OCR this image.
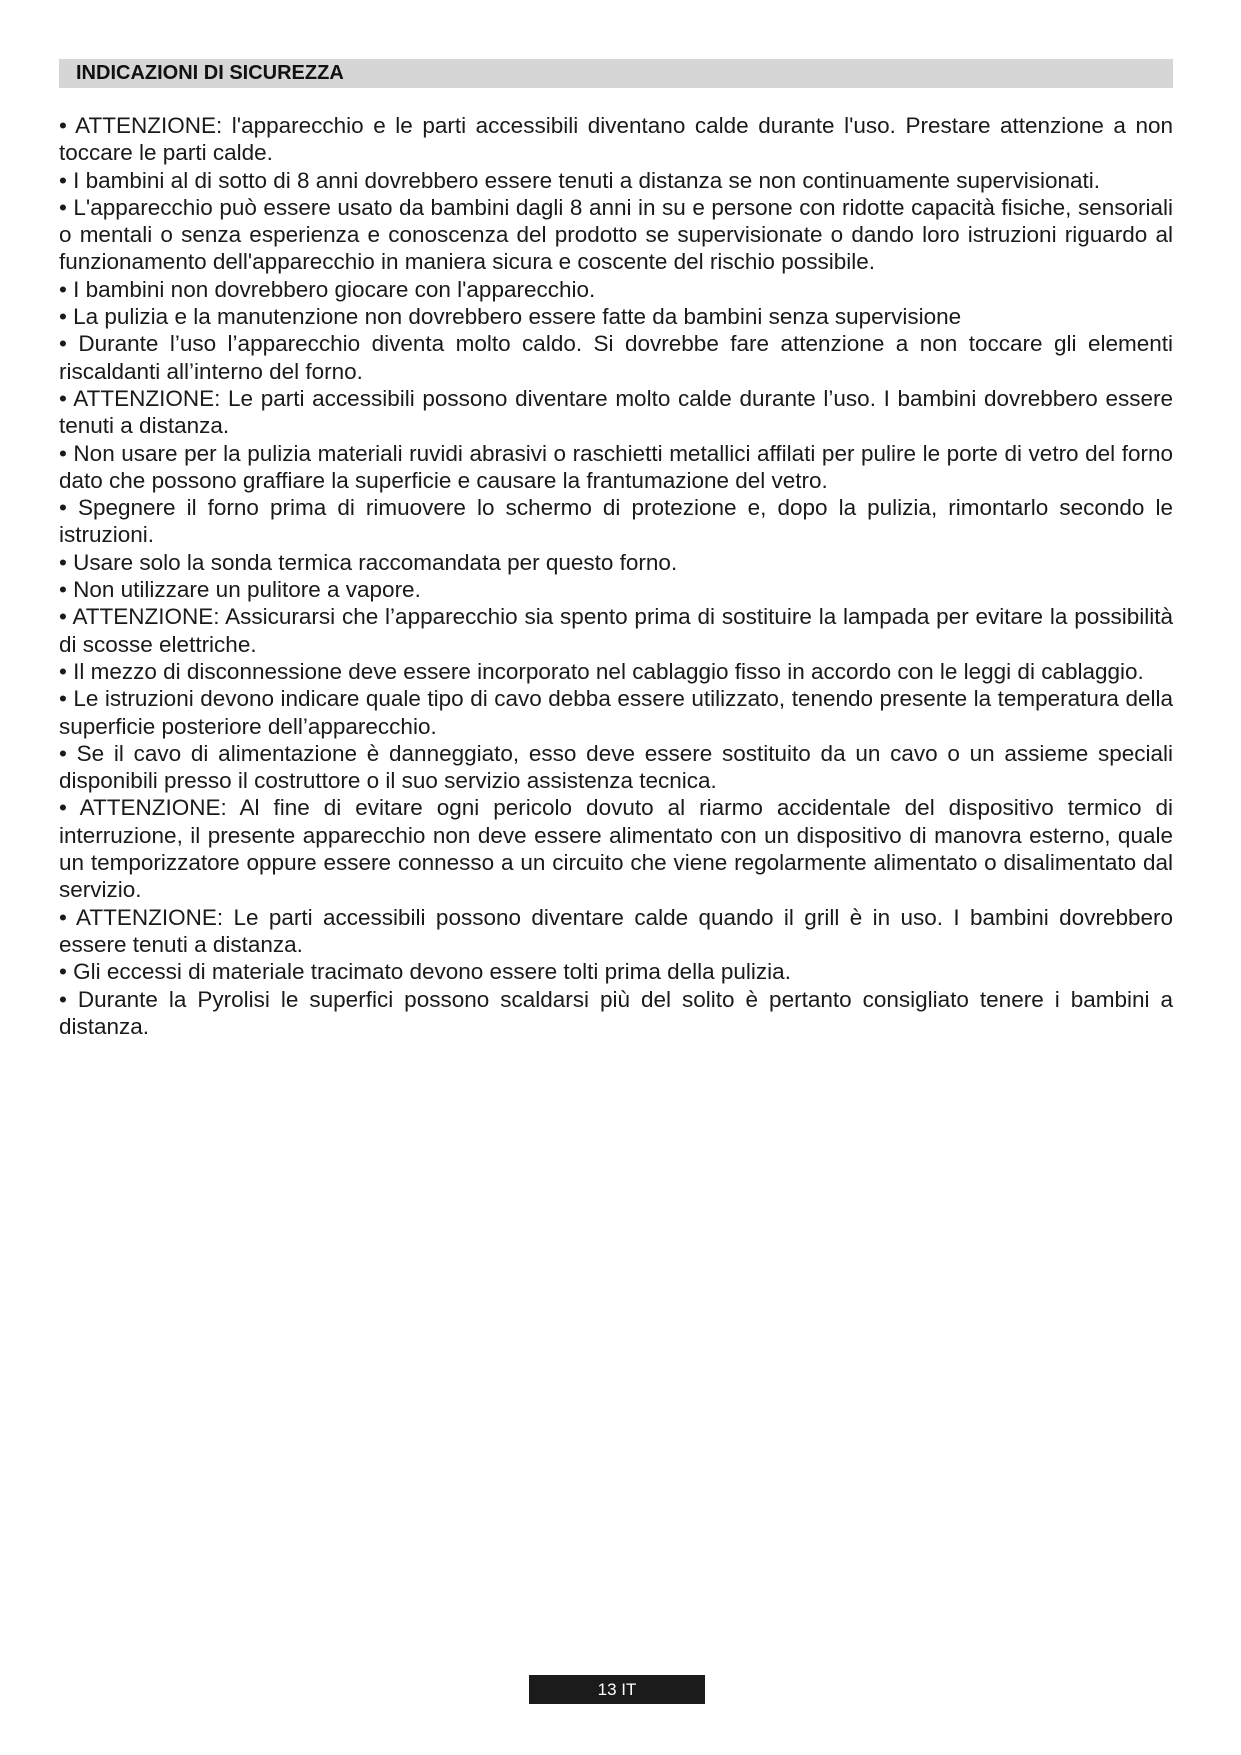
INDICAZIONI DI SICUREZZA

• ATTENZIONE: l'apparecchio e le parti accessibili diventano calde durante l'uso. Prestare attenzione a non toccare le parti calde.

• I bambini al di sotto di 8 anni dovrebbero essere tenuti a distanza se non continuamente supervisionati.

• L'apparecchio può essere usato da bambini dagli 8 anni in su e persone con ridotte capacità fisiche, sensoriali o mentali o senza esperienza e conoscenza del prodotto se supervisionate o dando loro istruzioni riguardo al funzionamento dell'apparecchio in maniera sicura e coscente del rischio possibile.

• I bambini non dovrebbero giocare con l'apparecchio.

• La pulizia e la manutenzione non dovrebbero essere fatte da bambini senza supervisione

• Durante l’uso l’apparecchio diventa molto caldo. Si dovrebbe fare attenzione a non toccare gli elementi riscaldanti all’interno del forno.

• ATTENZIONE: Le parti accessibili possono diventare molto calde durante l’uso. I bambini dovrebbero essere tenuti a distanza.

• Non usare per la pulizia materiali ruvidi abrasivi o raschietti metallici affilati per pulire le porte di vetro del forno dato che possono graffiare la superficie e causare la frantumazione del vetro.

• Spegnere il forno prima di rimuovere lo schermo di protezione e, dopo la pulizia, rimontarlo secondo le istruzioni.

• Usare solo la sonda termica raccomandata per questo forno.

• Non utilizzare un pulitore a vapore.

• ATTENZIONE: Assicurarsi che l’apparecchio sia spento prima di sostituire la lampada per evitare la possibilità di scosse elettriche.

• Il mezzo di disconnessione deve essere incorporato nel cablaggio fisso in accordo con le leggi di cablaggio.

• Le istruzioni devono indicare quale tipo di cavo debba essere utilizzato, tenendo presente la temperatura della superficie posteriore dell’apparecchio.

• Se il cavo di alimentazione è danneggiato, esso deve essere sostituito da un cavo o un assieme speciali disponibili presso il costruttore o il suo servizio assistenza tecnica.

• ATTENZIONE: Al fine di evitare ogni pericolo dovuto al riarmo accidentale del dispositivo termico di interruzione, il presente apparecchio non deve essere alimentato con un dispositivo di manovra esterno, quale un temporizzatore oppure essere connesso a un circuito che viene regolarmente alimentato o disalimentato dal servizio.

• ATTENZIONE: Le parti accessibili possono diventare calde quando il grill è in uso. I bambini dovrebbero essere tenuti a distanza.

• Gli eccessi di materiale tracimato devono essere tolti prima della pulizia.

• Durante la Pyrolisi le superfici possono scaldarsi più del solito è pertanto consigliato tenere i bambini a distanza.

13 IT
